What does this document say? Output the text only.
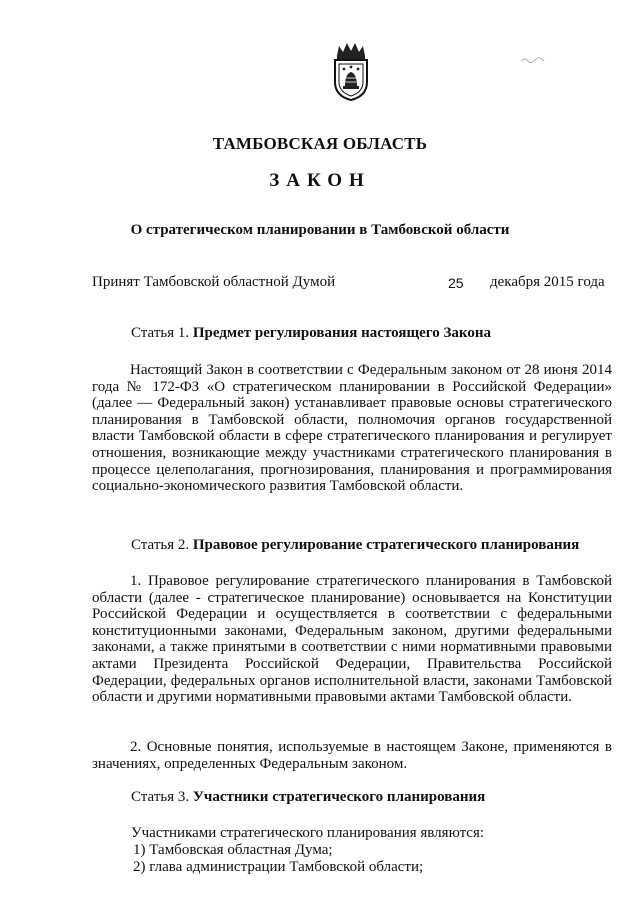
ТАМБОВСКАЯ ОБЛАСТЬ
ЗАКОН
О стратегическом планировании в Тамбовской области
Принят Тамбовской областной Думой	25 декабря 2015 года
Статья 1. Предмет регулирования настоящего Закона

Настоящий Закон в соответствии с Федеральным законом от 28 июня 2014 года № 172-ФЗ «О стратегическом планировании в Российской Федерации» (далее — Федеральный закон) устанавливает правовые основы стратегического планирования в Тамбовской области, полномочия органов государственной власти Тамбовской области в сфере стратегического планирования и регулирует отношения, возникающие между участниками стратегического планирования в процессе целеполагания, прогнозирования, планирования и программирования социально-экономического развития Тамбовской области.

Статья 2. Правовое регулирование стратегического планирования

1. Правовое регулирование стратегического планирования в Тамбовской области (далее - стратегическое планирование) основывается на Конституции Российской Федерации и осуществляется в соответствии с федеральными конституционными законами, Федеральным законом, другими федеральными законами, а также принятыми в соответствии с ними нормативными правовыми актами Президента Российской Федерации, Правительства Российской Федерации, федеральных органов исполнительной власти, законами Тамбовской области и другими нормативными правовыми актами Тамбовской области.

2. Основные понятия, используемые в настоящем Законе, применяются в значениях, определенных Федеральным законом.

Статья 3. Участники стратегического планирования
Участниками стратегического планирования являются:
1) Тамбовская областная Дума;
2) глава администрации Тамбовской области;
